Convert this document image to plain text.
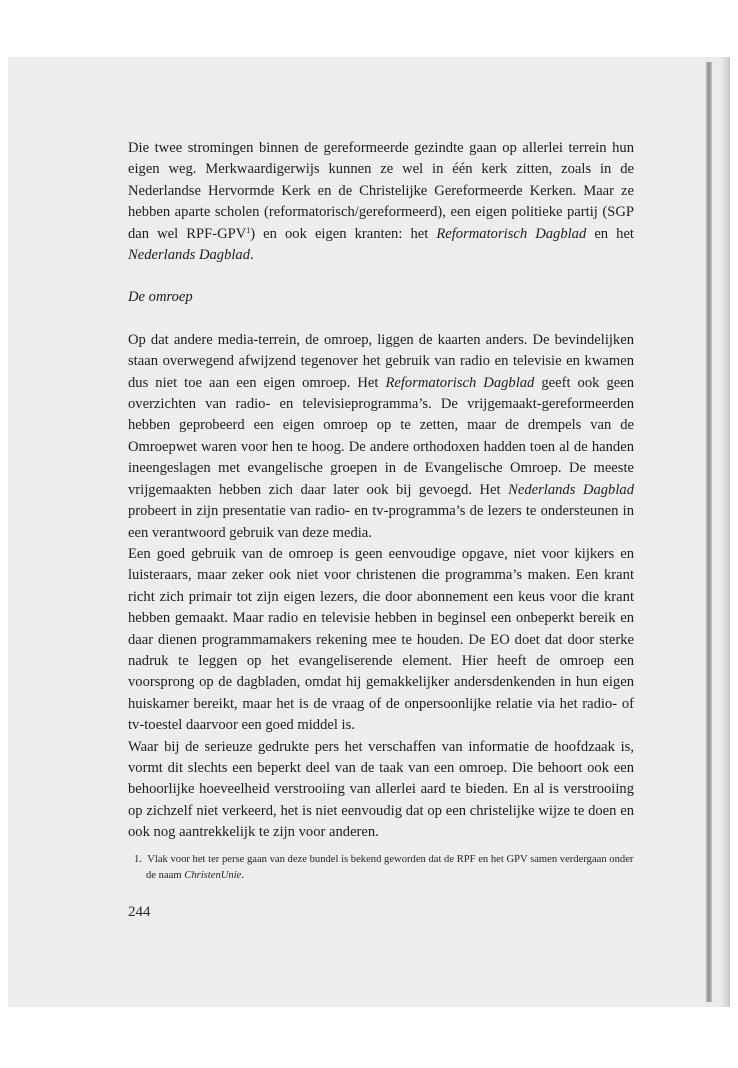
Die twee stromingen binnen de gereformeerde gezindte gaan op allerlei terrein hun eigen weg. Merkwaardigerwijs kunnen ze wel in één kerk zitten, zoals in de Nederlandse Hervormde Kerk en de Christelijke Gereformeerde Kerken. Maar ze hebben aparte scholen (reformatorisch/gereformeerd), een eigen politieke partij (SGP dan wel RPF-GPV$^1$) en ook eigen kranten: het Reformatorisch Dagblad en het Nederlands Dagblad.

De omroep

Op dat andere media-terrein, de omroep, liggen de kaarten anders. De bevindelijken staan overwegend afwijzend tegenover het gebruik van radio en televisie en kwamen dus niet toe aan een eigen omroep. Het Reformatorisch Dagblad geeft ook geen overzichten van radio- en televisieprogramma’s. De vrijgemaakt-gereformeerden hebben geprobeerd een eigen omroep op te zetten, maar de drempels van de Omroepwet waren voor hen te hoog. De andere orthodoxen hadden toen al de handen ineengeslagen met evangelische groepen in de Evangelische Omroep. De meeste vrijgemaakten hebben zich daar later ook bij gevoegd. Het Nederlands Dagblad probeert in zijn presentatie van radio- en tv-programma’s de lezers te ondersteunen in een verantwoord gebruik van deze media.

Een goed gebruik van de omroep is geen eenvoudige opgave, niet voor kijkers en luisteraars, maar zeker ook niet voor christenen die programma’s maken. Een krant richt zich primair tot zijn eigen lezers, die door abonnement een keus voor die krant hebben gemaakt. Maar radio en televisie hebben in beginsel een onbeperkt bereik en daar dienen programmamakers rekening mee te houden. De EO doet dat door sterke nadruk te leggen op het evangeliserende element. Hier heeft de omroep een voorsprong op de dagbladen, omdat hij gemakkelijker andersdenkenden in hun eigen huiskamer bereikt, maar het is de vraag of de onpersoonlijke relatie via het radio- of tv-toestel daarvoor een goed middel is.

Waar bij de serieuze gedrukte pers het verschaffen van informatie de hoofdzaak is, vormt dit slechts een beperkt deel van de taak van een omroep. Die behoort ook een behoorlijke hoeveelheid verstrooiing van allerlei aard te bieden. En al is verstrooiing op zichzelf niet verkeerd, het is niet eenvoudig dat op een christelijke wijze te doen en ook nog aantrekkelijk te zijn voor anderen.

1. Vlak voor het ter perse gaan van deze bundel is bekend geworden dat de RPF en het GPV samen verdergaan onder de naam ChristenUnie.
244
